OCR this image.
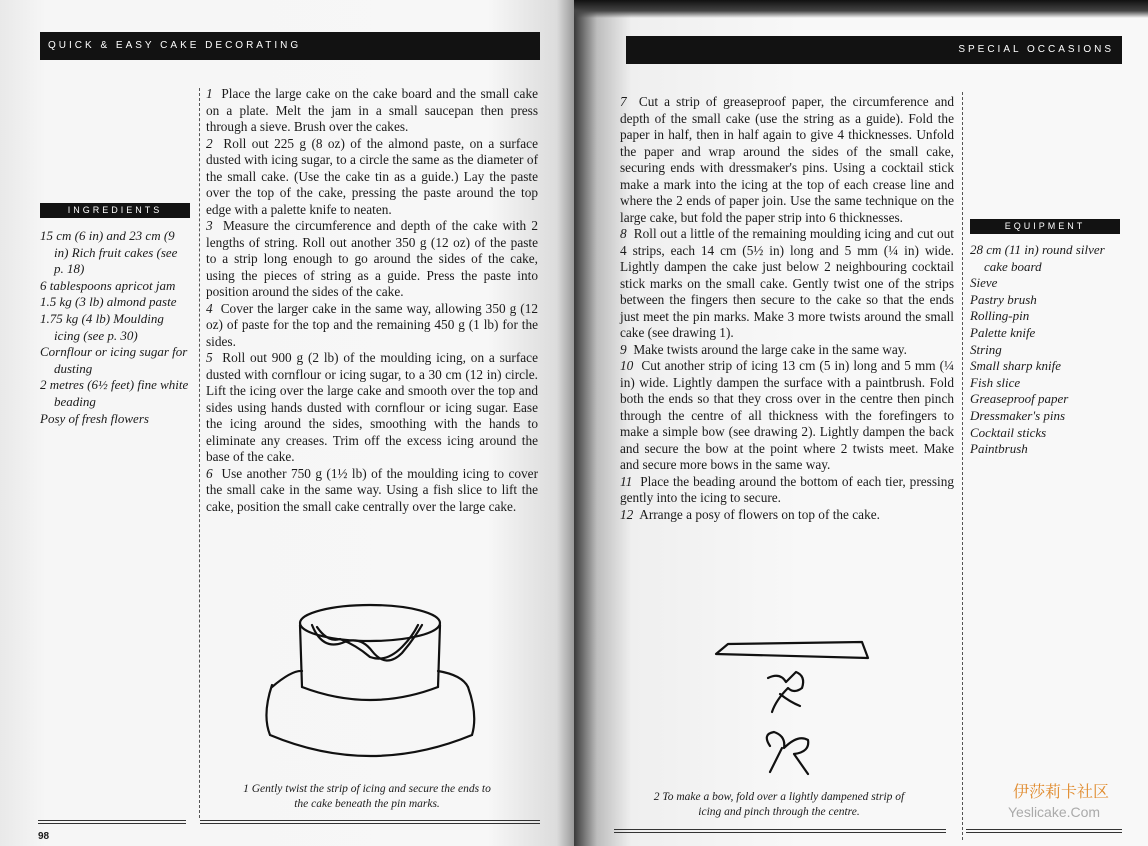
QUICK & EASY CAKE DECORATING	SPECIAL OCCASIONS
INGREDIENTS
15 cm (6 in) and 23 cm (9 in) Rich fruit cakes (see p. 18)
6 tablespoons apricot jam
1.5 kg (3 lb) almond paste
1.75 kg (4 lb) Moulding icing (see p. 30)
Cornflour or icing sugar for dusting
2 metres (6½ feet) fine white beading
Posy of fresh flowers

1 Place the large cake on the cake board and the small cake on a plate. Melt the jam in a small saucepan then press through a sieve. Brush over the cakes.

2 Roll out 225 g (8 oz) of the almond paste, on a surface dusted with icing sugar, to a circle the same as the diameter of the small cake. (Use the cake tin as a guide.) Lay the paste over the top of the cake, pressing the paste around the top edge with a palette knife to neaten.

3 Measure the circumference and depth of the cake with 2 lengths of string. Roll out another 350 g (12 oz) of the paste to a strip long enough to go around the sides of the cake, using the pieces of string as a guide. Press the paste into position around the sides of the cake.

4 Cover the larger cake in the same way, allowing 350 g (12 oz) of paste for the top and the remaining 450 g (1 lb) for the sides.

5 Roll out 900 g (2 lb) of the moulding icing, on a surface dusted with cornflour or icing sugar, to a 30 cm (12 in) circle. Lift the icing over the large cake and smooth over the top and sides using hands dusted with cornflour or icing sugar. Ease the icing around the sides, smoothing with the hands to eliminate any creases. Trim off the excess icing around the base of the cake.

6 Use another 750 g (1½ lb) of the moulding icing to cover the small cake in the same way. Using a fish slice to lift the cake, position the small cake centrally over the large cake.

1 Gently twist the strip of icing and secure the ends to the cake beneath the pin marks.
98

7 Cut a strip of greaseproof paper, the circumference and depth of the small cake (use the string as a guide). Fold the paper in half, then in half again to give 4 thicknesses. Unfold the paper and wrap around the sides of the small cake, securing ends with dressmaker's pins. Using a cocktail stick make a mark into the icing at the top of each crease line and where the 2 ends of paper join. Use the same technique on the large cake, but fold the paper strip into 6 thicknesses.

8 Roll out a little of the remaining moulding icing and cut out 4 strips, each 14 cm (5½ in) long and 5 mm (¼ in) wide. Lightly dampen the cake just below 2 neighbouring cocktail stick marks on the small cake. Gently twist one of the strips between the fingers then secure to the cake so that the ends just meet the pin marks. Make 3 more twists around the small cake (see drawing 1).

9 Make twists around the large cake in the same way.

10 Cut another strip of icing 13 cm (5 in) long and 5 mm (¼ in) wide. Lightly dampen the surface with a paintbrush. Fold both the ends so that they cross over in the centre then pinch through the centre of all thickness with the forefingers to make a simple bow (see drawing 2). Lightly dampen the back and secure the bow at the point where 2 twists meet. Make and secure more bows in the same way.

11 Place the beading around the bottom of each tier, pressing gently into the icing to secure.

12 Arrange a posy of flowers on top of the cake.

EQUIPMENT
28 cm (11 in) round silver cake board
Sieve
Pastry brush
Rolling-pin
Palette knife
String
Small sharp knife
Fish slice
Greaseproof paper
Dressmaker's pins
Cocktail sticks
Paintbrush
2 To make a bow, fold over a lightly dampened strip of icing and pinch through the centre.
伊莎莉卡社区
Yeslicake.Com
